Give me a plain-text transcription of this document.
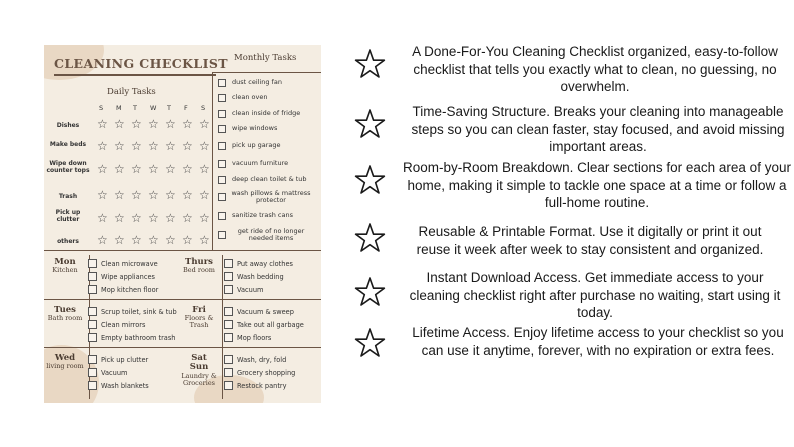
CLEANING CHECKLIST Monthly Tasks
Daily Tasks
S M T W T F S
Dishes	☆ ☆ ☆ ☆ ☆ ☆ ☆
Make beds ☆ ☆ ☆ ☆ ☆ ☆ ☆
Wipe down counter tops ☆ ☆ ☆ ☆ ☆ ☆ ☆
Trash	☆ ☆ ☆ ☆ ☆ ☆ ☆
Pick up clutter	☆ ☆ ☆ ☆ ☆ ☆ ☆
others	☆ ☆ ☆ ☆ ☆ ☆ ☆
dust ceiling fan
clean oven
clean inside of fridge
wipe windows
pick up garage
vacuum furniture
deep clean toilet & tub
wash pillows & mattress protector
sanitize trash cans
get ride of no longer needed items
Mon
Kitchen
Clean microwave
Wipe appliances
Mop kitchen floor
Tues
Bath room
Scrup toilet, sink & tub
Clean mirrors
Empty bathroom trash
Wed
living room
Pick up clutter
Vacuum
Wash blankets
Thurs
Bed room
Put away clothes
Wash bedding
Vacuum
Fri
Floors & Trash
Vacuum & sweep
Take out all garbage
Mop floors
Sat
Sun
Laundry & Groceries
Wash, dry, fold
Grocery shopping
Restock pantry
A Done-For-You Cleaning Checklist organized, easy-to-follow checklist that tells you exactly what to clean, no guessing, no overwhelm.
Time-Saving Structure. Breaks your cleaning into manageable steps so you can clean faster, stay focused, and avoid missing important areas.
Room-by-Room Breakdown. Clear sections for each area of your home, making it simple to tackle one space at a time or follow a full-home routine.
Reusable & Printable Format. Use it digitally or print it out reuse it week after week to stay consistent and organized.
Instant Download Access. Get immediate access to your cleaning checklist right after purchase no waiting, start using it today.
Lifetime Access. Enjoy lifetime access to your checklist so you can use it anytime, forever, with no expiration or extra fees.
